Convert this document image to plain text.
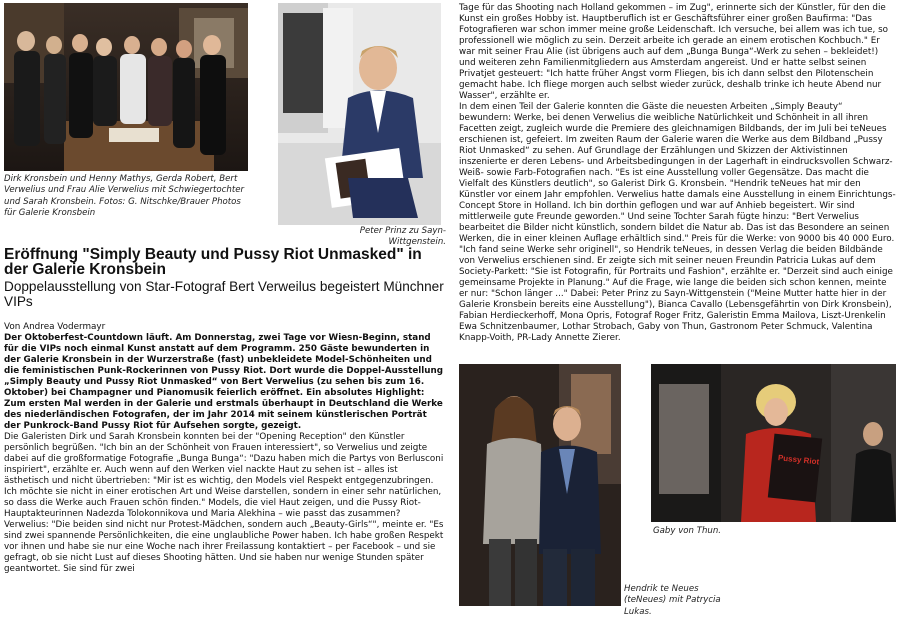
Dirk Kronsbein und Henny Mathys, Gerda Robert, Bert Verwelius und Frau Alie Verwelius mit Schwiegertochter und Sarah Kronsbein. Fotos: G. Nitschke/Brauer Photos für Galerie Kronsbein
Peter Prinz zu Sayn-Wittgenstein.
Eröffnung "Simply Beauty und Pussy Riot Unmasked" in der Galerie Kronsbein
Doppelausstellung von Star-Fotograf Bert Verweilus begeistert Münchner VIPs
Von Andrea Vodermayr

Der Oktoberfest-Countdown läuft. Am Donnerstag, zwei Tage vor Wiesn-Beginn, stand für die VIPs noch einmal Kunst anstatt auf dem Programm. 250 Gäste bewunderten in der Galerie Kronsbein in der Wurzerstraße (fast) unbekleidete Model-Schönheiten und die feministischen Punk-Rockerinnen von Pussy Riot. Dort wurde die Doppel-Ausstellung „Simply Beauty und Pussy Riot Unmasked“ von Bert Verwelius (zu sehen bis zum 16. Oktober) bei Champagner und Pianomusik feierlich eröffnet. Ein absolutes Highlight: Zum ersten Mal werden in der Galerie und erstmals überhaupt in Deutschland die Werke des niederländischen Fotografen, der im Jahr 2014 mit seinem künstlerischen Porträt der Punkrock-Band Pussy Riot für Aufsehen sorgte, gezeigt.

Die Galeristen Dirk und Sarah Kronsbein konnten bei der "Opening Reception" den Künstler persönlich begrüßen. "Ich bin an der Schönheit von Frauen interessiert", so Verwelius und zeigte dabei auf die großformatige Fotografie „Bunga Bunga“: "Dazu haben mich die Partys von Berlusconi inspiriert", erzählte er. Auch wenn auf den Werken viel nackte Haut zu sehen ist – alles ist ästhetisch und nicht übertrieben: "Mir ist es wichtig, den Models viel Respekt entgegenzubringen. Ich möchte sie nicht in einer erotischen Art und Weise darstellen, sondern in einer sehr natürlichen, so dass die Werke auch Frauen schön finden." Models, die viel Haut zeigen, und die Pussy Riot-Hauptakteurinnen Nadezda Tolokonnikova und Maria Alekhina – wie passt das zusammen? Verwelius: "Die beiden sind nicht nur Protest-Mädchen, sondern auch „Beauty-Girls“", meinte er. "Es sind zwei spannende Persönlichkeiten, die eine unglaubliche Power haben. Ich habe großen Respekt vor ihnen und habe sie nur eine Woche nach ihrer Freilassung kontaktiert – per Facebook – und sie gefragt, ob sie nicht Lust auf dieses Shooting hätten. Und sie haben nur wenige Stunden später geantwortet. Sie sind für zwei

Tage für das Shooting nach Holland gekommen – im Zug", erinnerte sich der Künstler, für den die Kunst ein großes Hobby ist. Hauptberuflich ist er Geschäftsführer einer großen Baufirma: "Das Fotografieren war schon immer meine große Leidenschaft. Ich versuche, bei allem was ich tue, so professionell wie möglich zu sein. Derzeit arbeite ich gerade an einem erotischen Kochbuch." Er war mit seiner Frau Alie (ist übrigens auch auf dem „Bunga Bunga“-Werk zu sehen – bekleidet!) und weiteren zehn Familienmitgliedern aus Amsterdam angereist. Und er hatte selbst seinen Privatjet gesteuert: "Ich hatte früher Angst vorm Fliegen, bis ich dann selbst den Pilotenschein gemacht habe. Ich fliege morgen auch selbst wieder zurück, deshalb trinke ich heute Abend nur Wasser", erzählte er.

In dem einen Teil der Galerie konnten die Gäste die neuesten Arbeiten „Simply Beauty“ bewundern: Werke, bei denen Verwelius die weibliche Natürlichkeit und Schönheit in all ihren Facetten zeigt, zugleich wurde die Premiere des gleichnamigen Bildbands, der im Juli bei teNeues erschienen ist, gefeiert. Im zweiten Raum der Galerie waren die Werke aus dem Bildband „Pussy Riot Unmasked“ zu sehen. Auf Grundlage der Erzählungen und Skizzen der Aktivistinnen inszenierte er deren Lebens- und Arbeitsbedingungen in der Lagerhaft in eindrucksvollen Schwarz-Weiß- sowie Farb-Fotografien nach. "Es ist eine Ausstellung voller Gegensätze. Das macht die Vielfalt des Künstlers deutlich", so Galerist Dirk G. Kronsbein. "Hendrik teNeues hat mir den Künstler vor einem Jahr empfohlen. Verwelius hatte damals eine Ausstellung in einem Einrichtungs-Concept Store in Holland. Ich bin dorthin geflogen und war auf Anhieb begeistert. Wir sind mittlerweile gute Freunde geworden." Und seine Tochter Sarah fügte hinzu: "Bert Verwelius bearbeitet die Bilder nicht künstlich, sondern bildet die Natur ab. Das ist das Besondere an seinen Werken, die in einer kleinen Auflage erhältlich sind." Preis für die Werke: von 9000 bis 40 000 Euro. "Ich fand seine Werke sehr originell", so Hendrik teNeues, in dessen Verlag die beiden Bildbände von Verwelius erschienen sind. Er zeigte sich mit seiner neuen Freundin Patricia Lukas auf dem Society-Parkett: "Sie ist Fotografin, für Portraits und Fashion", erzählte er. "Derzeit sind auch einige gemeinsame Projekte in Planung." Auf die Frage, wie lange die beiden sich schon kennen, meinte er nur: "Schon länger ..." Dabei: Peter Prinz zu Sayn-Wittgenstein ("Meine Mutter hatte hier in der Galerie Kronsbein bereits eine Ausstellung"), Bianca Cavallo (Lebensgefährtin von Dirk Kronsbein), Fabian Herdieckerhoff, Mona Opris, Fotograf Roger Fritz, Galeristin Emma Mailova, Liszt-Urenkelin Ewa Schnitzenbaumer, Lothar Strobach, Gaby von Thun, Gastronom Peter Schmuck, Valentina Knapp-Voith, PR-Lady Annette Zierer.

Hendrik te Neues (teNeues) mit Patrycia Lukas.
Pussy Riot
Gaby von Thun.
